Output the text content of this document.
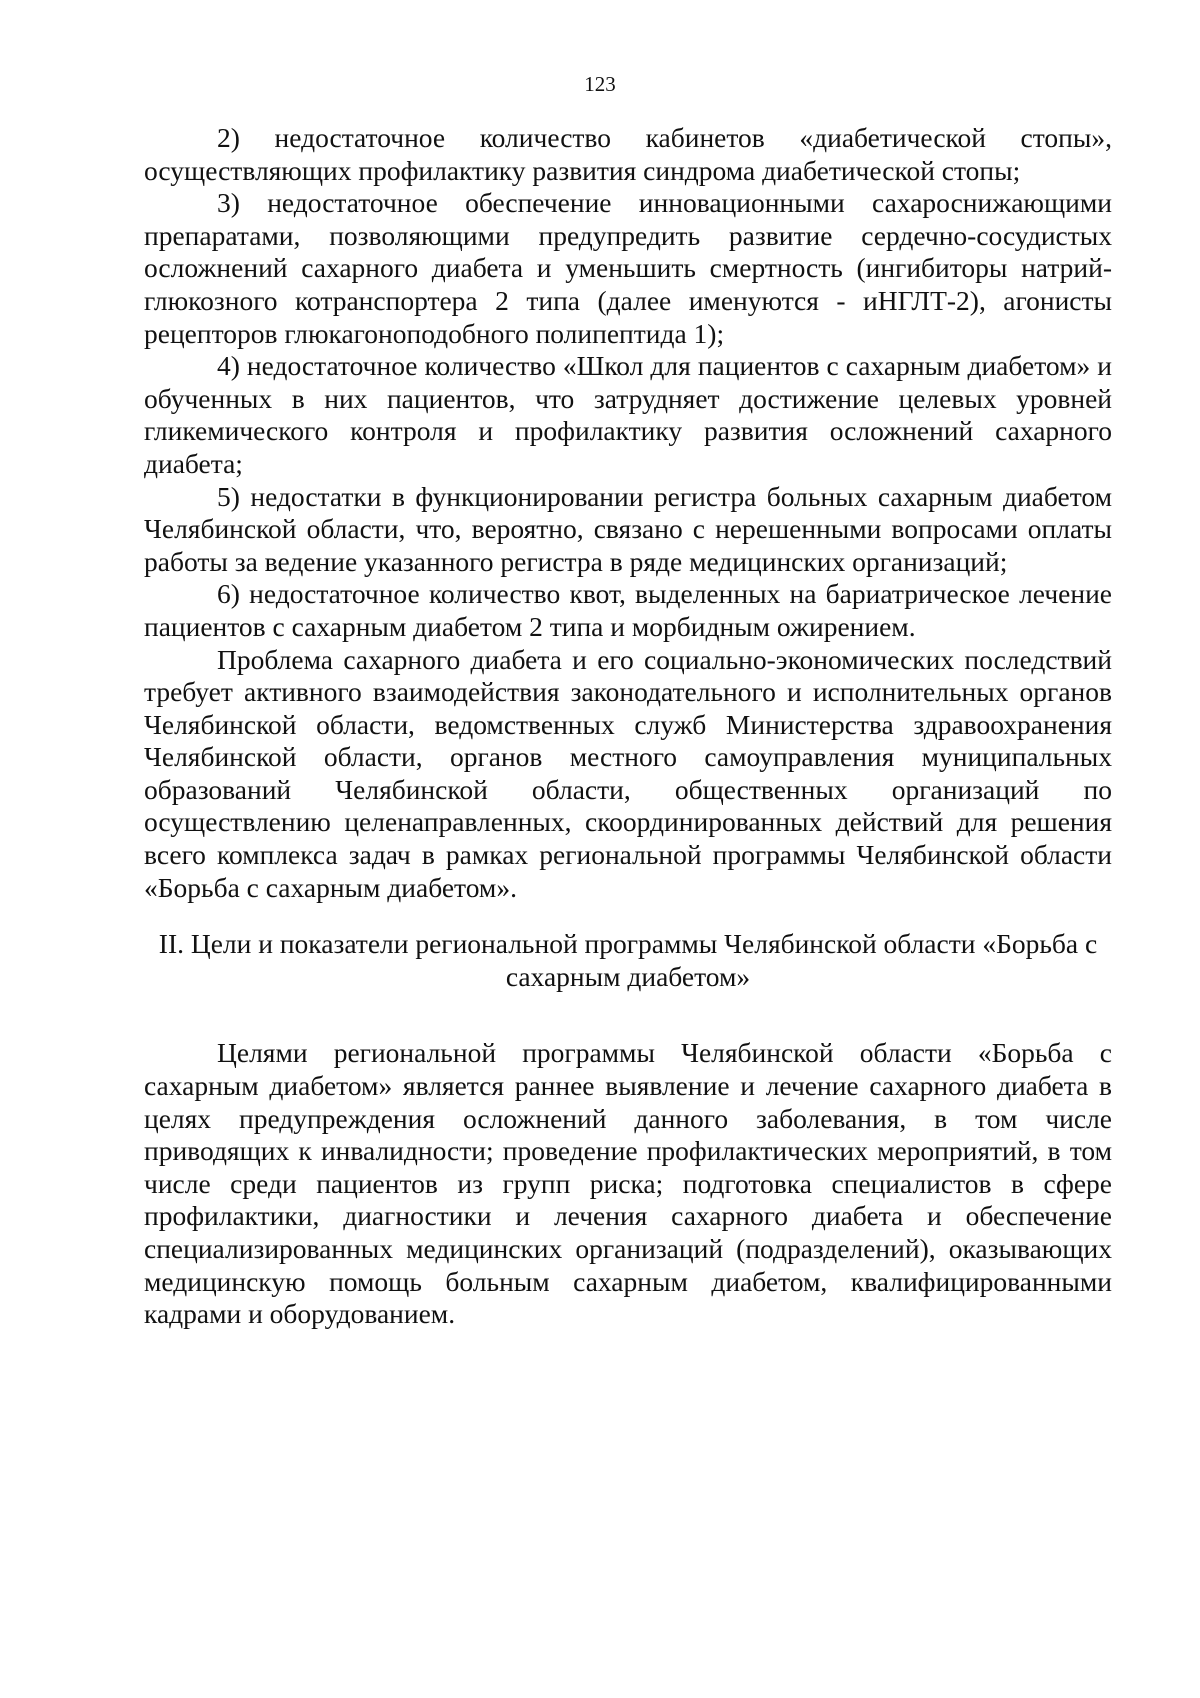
123

2) недостаточное количество кабинетов «диабетической стопы», осуществляющих профилактику развития синдрома диабетической стопы;

3) недостаточное обеспечение инновационными сахароснижающими препаратами, позволяющими предупредить развитие сердечно-сосудистых осложнений сахарного диабета и уменьшить смертность (ингибиторы натрий-глюкозного котранспортера 2 типа (далее именуются - иНГЛТ-2), агонисты рецепторов глюкагоноподобного полипептида 1);

4) недостаточное количество «Школ для пациентов с сахарным диабетом» и обученных в них пациентов, что затрудняет достижение целевых уровней гликемического контроля и профилактику развития осложнений сахарного диабета;

5) недостатки в функционировании регистра больных сахарным диабетом Челябинской области, что, вероятно, связано с нерешенными вопросами оплаты работы за ведение указанного регистра в ряде медицинских организаций;

6) недостаточное количество квот, выделенных на бариатрическое лечение пациентов с сахарным диабетом 2 типа и морбидным ожирением.

Проблема сахарного диабета и его социально-экономических последствий требует активного взаимодействия законодательного и исполнительных органов Челябинской области, ведомственных служб Министерства здравоохранения Челябинской области, органов местного самоуправления муниципальных образований Челябинской области, общественных организаций по осуществлению целенаправленных, скоординированных действий для решения всего комплекса задач в рамках региональной программы Челябинской области «Борьба с сахарным диабетом».

II. Цели и показатели региональной программы Челябинской области «Борьба с сахарным диабетом»

Целями региональной программы Челябинской области «Борьба с сахарным диабетом» является раннее выявление и лечение сахарного диабета в целях предупреждения осложнений данного заболевания, в том числе приводящих к инвалидности; проведение профилактических мероприятий, в том числе среди пациентов из групп риска; подготовка специалистов в сфере профилактики, диагностики и лечения сахарного диабета и обеспечение специализированных медицинских организаций (подразделений), оказывающих медицинскую помощь больным сахарным диабетом, квалифицированными кадрами и оборудованием.
